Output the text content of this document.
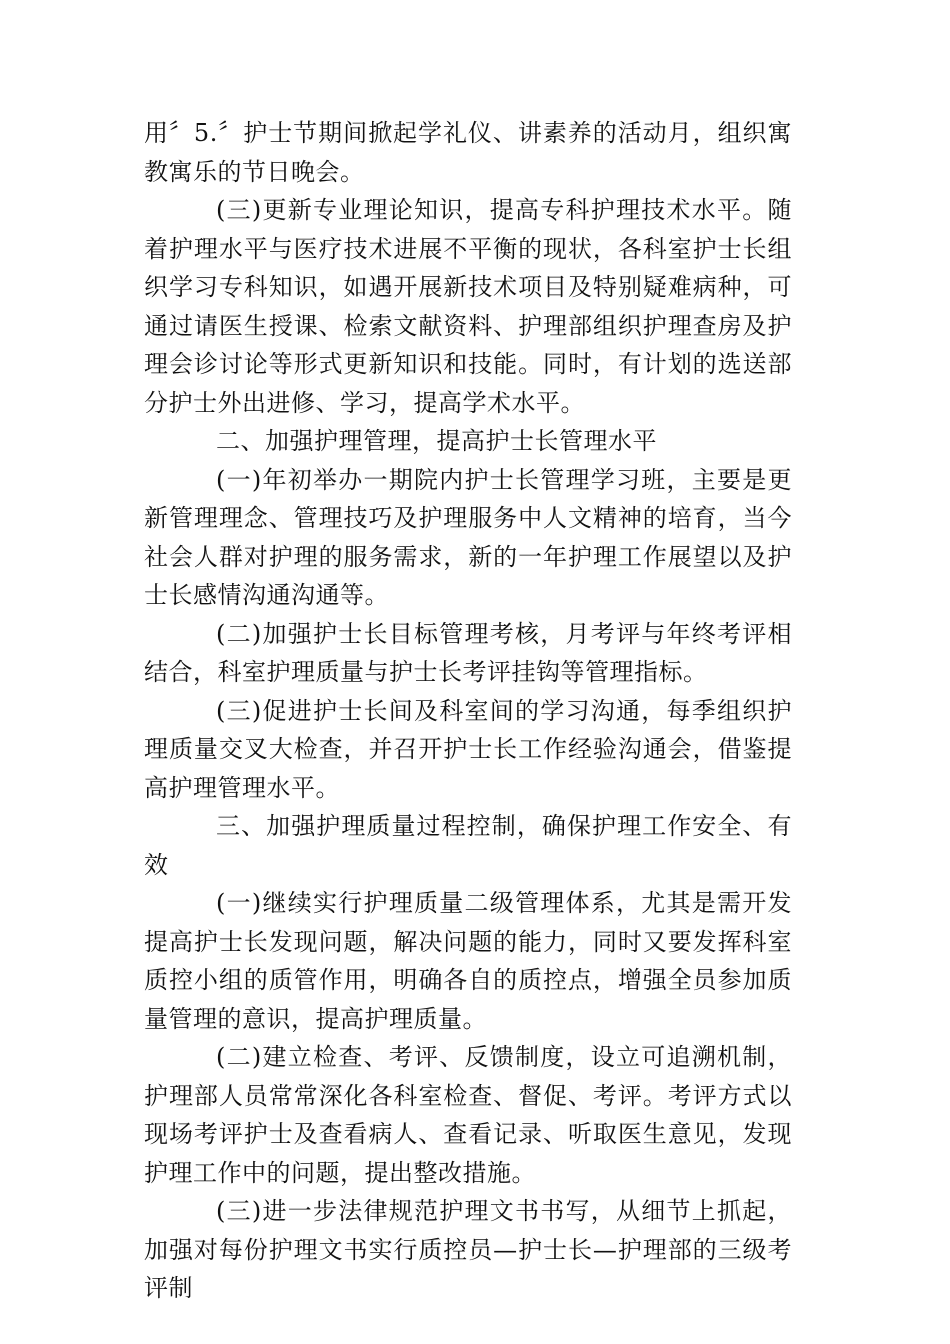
用〞5.〞护士节期间掀起学礼仪、讲素养的活动月，组织寓教寓乐的节日晚会。

(三)更新专业理论知识，提高专科护理技术水平。随着护理水平与医疗技术进展不平衡的现状，各科室护士长组织学习专科知识，如遇开展新技术项目及特别疑难病种，可通过请医生授课、检索文献资料、护理部组织护理查房及护理会诊讨论等形式更新知识和技能。同时，有计划的选送部分护士外出进修、学习，提高学术水平。

二、加强护理管理，提高护士长管理水平

(一)年初举办一期院内护士长管理学习班，主要是更新管理理念、管理技巧及护理服务中人文精神的培育，当今社会人群对护理的服务需求，新的一年护理工作展望以及护士长感情沟通沟通等。

(二)加强护士长目标管理考核，月考评与年终考评相结合，科室护理质量与护士长考评挂钩等管理指标。

(三)促进护士长间及科室间的学习沟通，每季组织护理质量交叉大检查，并召开护士长工作经验沟通会，借鉴提高护理管理水平。

三、加强护理质量过程控制，确保护理工作安全、有效

(一)继续实行护理质量二级管理体系，尤其是需开发提高护士长发现问题，解决问题的能力，同时又要发挥科室质控小组的质管作用，明确各自的质控点，增强全员参加质量管理的意识，提高护理质量。

(二)建立检查、考评、反馈制度，设立可追溯机制，护理部人员常常深化各科室检查、督促、考评。考评方式以现场考评护士及查看病人、查看记录、听取医生意见，发现护理工作中的问题，提出整改措施。

(三)进一步法律规范护理文书书写，从细节上抓起，加强对每份护理文书实行质控员—护士长—护理部的三级考评制
